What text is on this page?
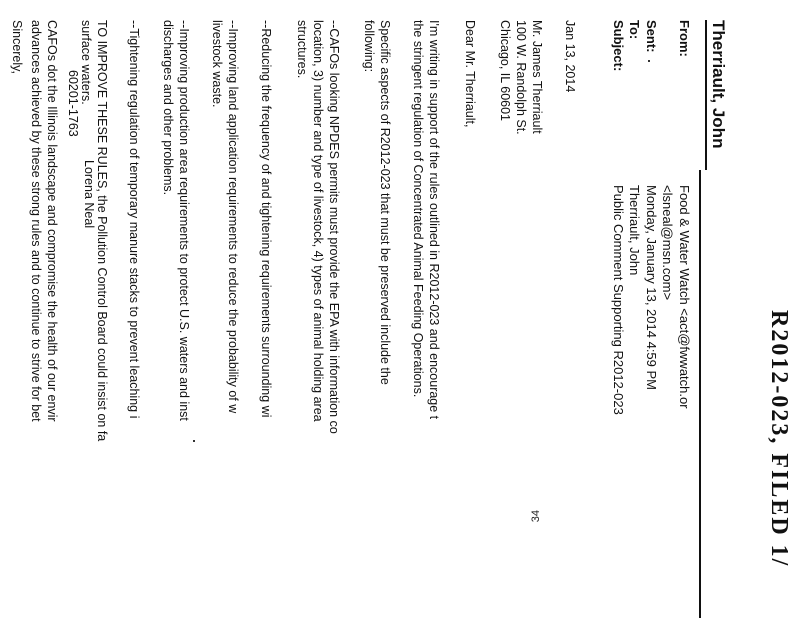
R2012-023, FILED 1/
Therriault, John
From:
Food & Water Watch <act@fwwatch.or
<lsneal@msn.com>
Sent:
Monday, January 13, 2014 4:59 PM
To:
Therriault, John
Subject:
Public Comment Supporting R2012-023
Jan 13, 2014
Mr. James Therriault
100 W. Randolph St.
Chicago, IL 60601
Dear Mr. Therriault,
I'm writing in support of the rules outlined in R2012-023 and encourage t
the stringent regulation of Concentrated Animal Feeding Operations.
Specific aspects of R2012-023 that must be preserved include the
following:
--CAFOs looking NPDES permits must provide the EPA with information co
location, 3) number and type of livestock, 4) types of animal holding area
structures.
--Reducing the frequency of and tightening requirements surrounding wi
--Improving land application requirements to reduce the probability of w
livestock waste.
--Improving production area requirements to protect U.S. waters and inst
discharges and other problems.
--Tightening regulation of temporary manure stacks to prevent leaching i
TO IMPROVE THESE RULES, the Pollution Control Board could insist on fa
surface waters.
CAFOs dot the Illinois landscape and compromise the health of our envir
advances achieved by these strong rules and to continue to strive for bet
Sincerely,
34
Lorena Neal
60201-1763
